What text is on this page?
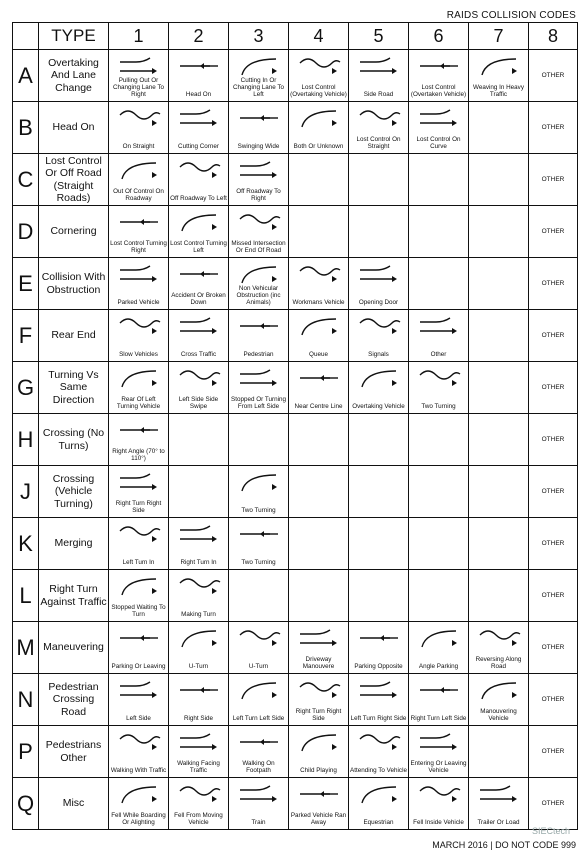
RAIDS COLLISION CODES
	TYPE	1	2	3	4	5	6	7	8
A	Overtaking And Lane Change	Pulling Out Or Changing Lane To Right	Head On	Cutting In Or Changing Lane To Left	Lost Control (Overtaking Vehicle)	Side Road	Lost Control (Overtaken Vehicle)	Weaving In Heavy Traffic	OTHER
B	Head On	On Straight	Cutting Corner	Swinging Wide	Both Or Unknown	Lost Control On Straight	Lost Control On Curve		OTHER
C	Lost Control Or Off Road (Straight Roads)	Out Of Control On Roadway	Off Roadway To Left	Off Roadway To Right					OTHER
D	Cornering	Lost Control Turning Right	Lost Control Turning Left	Missed Intersection Or End Of Road					OTHER
E	Collision With Obstruction	Parked Vehicle	Accident Or Broken Down	Non Vehicular Obstruction (inc Animals)	Workmans Vehicle	Opening Door			OTHER
F	Rear End	Slow Vehicles	Cross Traffic	Pedestrian	Queue	Signals	Other		OTHER
G	Turning Vs Same Direction	Rear Of Left Turning Vehicle	Left Side Side Swipe	Stopped Or Turning From Left Side	Near Centre Line	Overtaking Vehicle	Two Turning		OTHER
H	Crossing (No Turns)	Right Angle (70° to 110°)							OTHER
J	Crossing (Vehicle Turning)	Right Turn Right Side		Two Turning					OTHER
K	Merging	Left Turn In	Right Turn In	Two Turning					OTHER
L	Right Turn Against Traffic	Stopped Waiting To Turn	Making Turn						OTHER
M	Maneuvering	Parking Or Leaving	U-Turn	U-Turn	Driveway Manouvere	Parking Opposite	Angle Parking	Reversing Along Road	OTHER
N	Pedestrian Crossing Road	Left Side	Right Side	Left Turn Left Side	Right Turn Right Side	Left Turn Right Side	Right Turn Left Side	Manouvering Vehicle	OTHER
P	Pedestrians Other	Walking With Traffic	Walking Facing Traffic	Walking On Footpath	Child Playing	Attending To Vehicle	Entering Or Leaving Vehicle		OTHER
Q	Misc	Fell While Boarding Or Alighting	Fell From Moving Vehicle	Train	Parked Vehicle Ran Away	Equestrian	Fell Inside Vehicle	Trailer Or Load	OTHER
SIECtech
MARCH 2016 | DO NOT CODE 999
